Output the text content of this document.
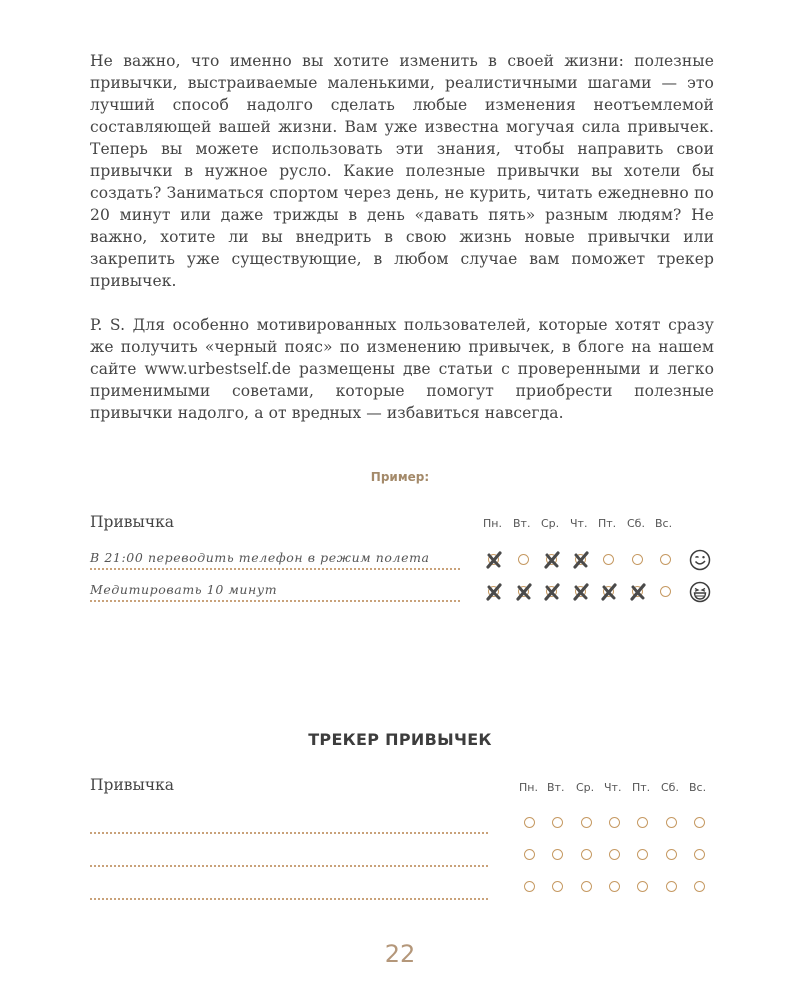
Не важно, что именно вы хотите изменить в своей жизни: полезные привычки, выстраиваемые маленькими, реалистичными шагами — это лучший способ надолго сделать любые изменения неотъемлемой составляющей вашей жизни. Вам уже известна могучая сила привычек. Теперь вы можете использовать эти знания, чтобы направить свои привычки в нужное русло. Какие полезные привычки вы хотели бы создать? Заниматься спортом через день, не курить, читать ежедневно по 20 минут или даже трижды в день «давать пять» разным людям? Не важно, хотите ли вы внедрить в свою жизнь новые привычки или закрепить уже существующие, в любом случае вам поможет трекер привычек.

P. S. Для особенно мотивированных пользователей, которые хотят сразу же получить «черный пояс» по изменению привычек, в блоге на нашем сайте www.urbestself.de размещены две статьи с проверенными и легко применимыми советами, которые помогут приобрести полезные привычки надолго, а от вредных — избавиться навсегда.

Пример:
Привычка	Пн. Вт. Ср. Чт. Пт. Сб. Вс.
В 21:00 переводить телефон в режим полета
Медитировать 10 минут
ТРЕКЕР ПРИВЫЧЕК
Привычка	Пн. Вт. Ср. Чт. Пт. Сб. Вс.
22
